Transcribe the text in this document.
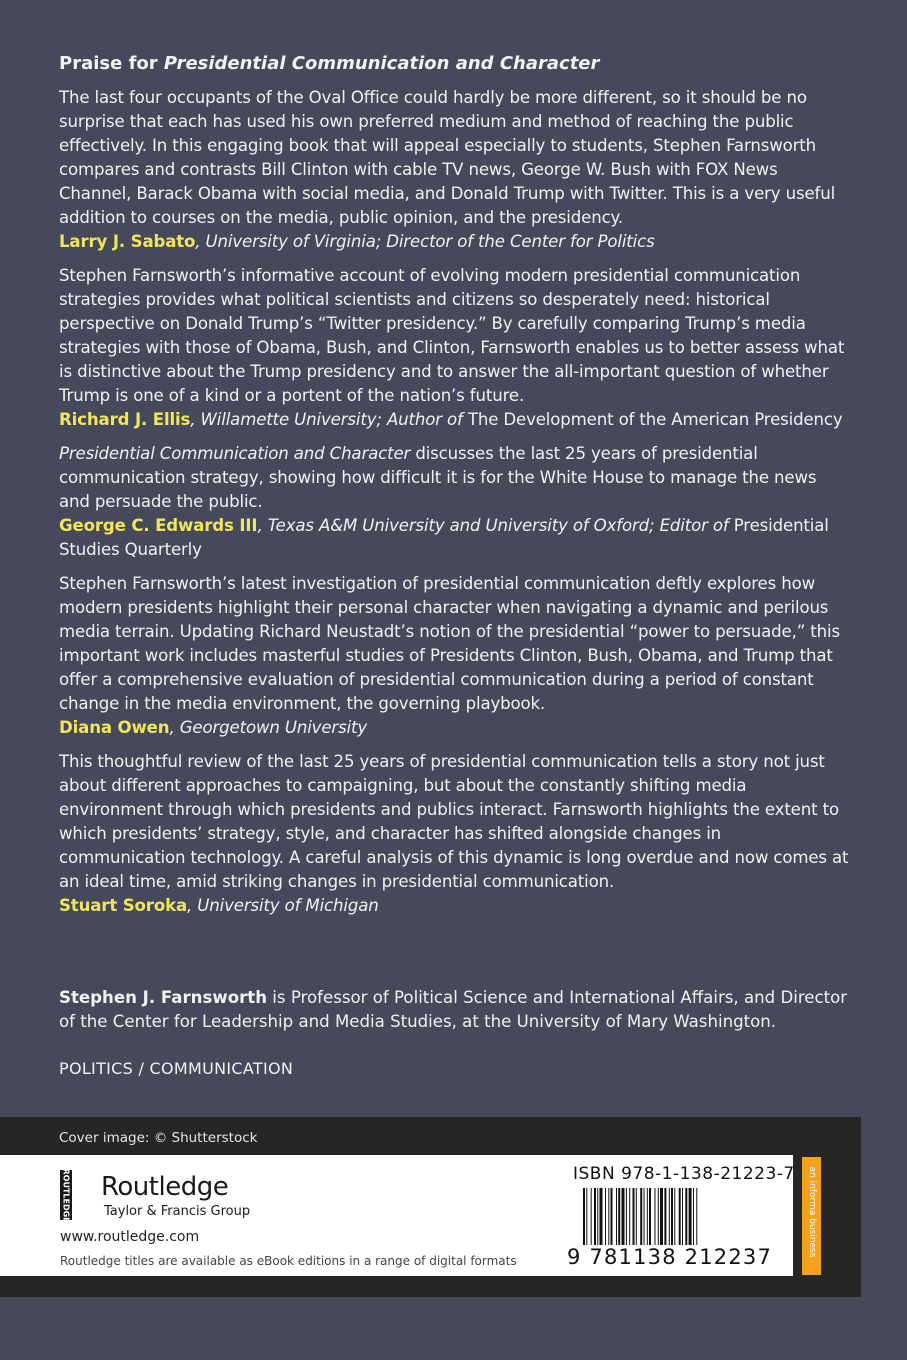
Praise for Presidential Communication and Character

The last four occupants of the Oval Office could hardly be more different, so it should be no surprise that each has used his own preferred medium and method of reaching the public effectively. In this engaging book that will appeal especially to students, Stephen Farnsworth compares and contrasts Bill Clinton with cable TV news, George W. Bush with FOX News Channel, Barack Obama with social media, and Donald Trump with Twitter. This is a very useful addition to courses on the media, public opinion, and the presidency.

Larry J. Sabato, University of Virginia; Director of the Center for Politics

Stephen Farnsworth’s informative account of evolving modern presidential communication strategies provides what political scientists and citizens so desperately need: historical perspective on Donald Trump’s “Twitter presidency.” By carefully comparing Trump’s media strategies with those of Obama, Bush, and Clinton, Farnsworth enables us to better assess what is distinctive about the Trump presidency and to answer the all-important question of whether Trump is one of a kind or a portent of the nation’s future.

Richard J. Ellis, Willamette University; Author of The Development of the American Presidency

Presidential Communication and Character discusses the last 25 years of presidential communication strategy, showing how difficult it is for the White House to manage the news and persuade the public.

George C. Edwards III, Texas A&M University and University of Oxford; Editor of Presidential Studies Quarterly

Stephen Farnsworth’s latest investigation of presidential communication deftly explores how modern presidents highlight their personal character when navigating a dynamic and perilous media terrain. Updating Richard Neustadt’s notion of the presidential “power to persuade,” this important work includes masterful studies of Presidents Clinton, Bush, Obama, and Trump that offer a comprehensive evaluation of presidential communication during a period of constant change in the media environment, the governing playbook.

Diana Owen, Georgetown University

This thoughtful review of the last 25 years of presidential communication tells a story not just about different approaches to campaigning, but about the constantly shifting media environment through which presidents and publics interact. Farnsworth highlights the extent to which presidents’ strategy, style, and character has shifted alongside changes in communication technology. A careful analysis of this dynamic is long overdue and now comes at an ideal time, amid striking changes in presidential communication.

Stuart Soroka, University of Michigan

Stephen J. Farnsworth is Professor of Political Science and International Affairs, and Director of the Center for Leadership and Media Studies, at the University of Mary Washington.

POLITICS / COMMUNICATION
Cover image: © Shutterstock
ROUTLEDGE Routledge
Taylor & Francis Group
www.routledge.com
Routledge titles are available as eBook editions in a range of digital formats
ISBN 978-1-138-21223-7
9 781138 212237	an informa business
